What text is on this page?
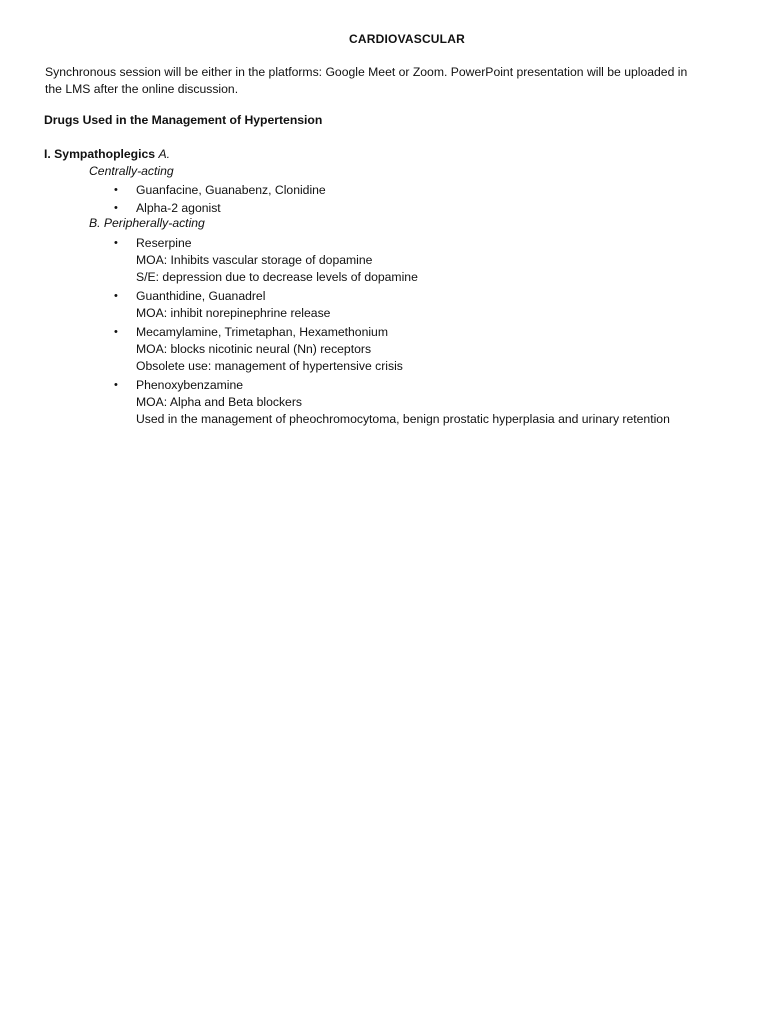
CARDIOVASCULAR
Synchronous session will be either in the platforms: Google Meet or Zoom. PowerPoint presentation will be uploaded in
the LMS after the online discussion.
Drugs Used in the Management of Hypertension
I. Sympathoplegics A.
Centrally-acting
•	Guanfacine, Guanabenz, Clonidine
•	Alpha-2 agonist
B. Peripherally-acting
•	Reserpine
MOA: Inhibits vascular storage of dopamine
S/E: depression due to decrease levels of dopamine
•	Guanthidine, Guanadrel
MOA: inhibit norepinephrine release
•	Mecamylamine, Trimetaphan, Hexamethonium
MOA: blocks nicotinic neural (Nn) receptors
Obsolete use: management of hypertensive crisis
•	Phenoxybenzamine
MOA: Alpha and Beta blockers
Used in the management of pheochromocytoma, benign prostatic hyperplasia and urinary retention
